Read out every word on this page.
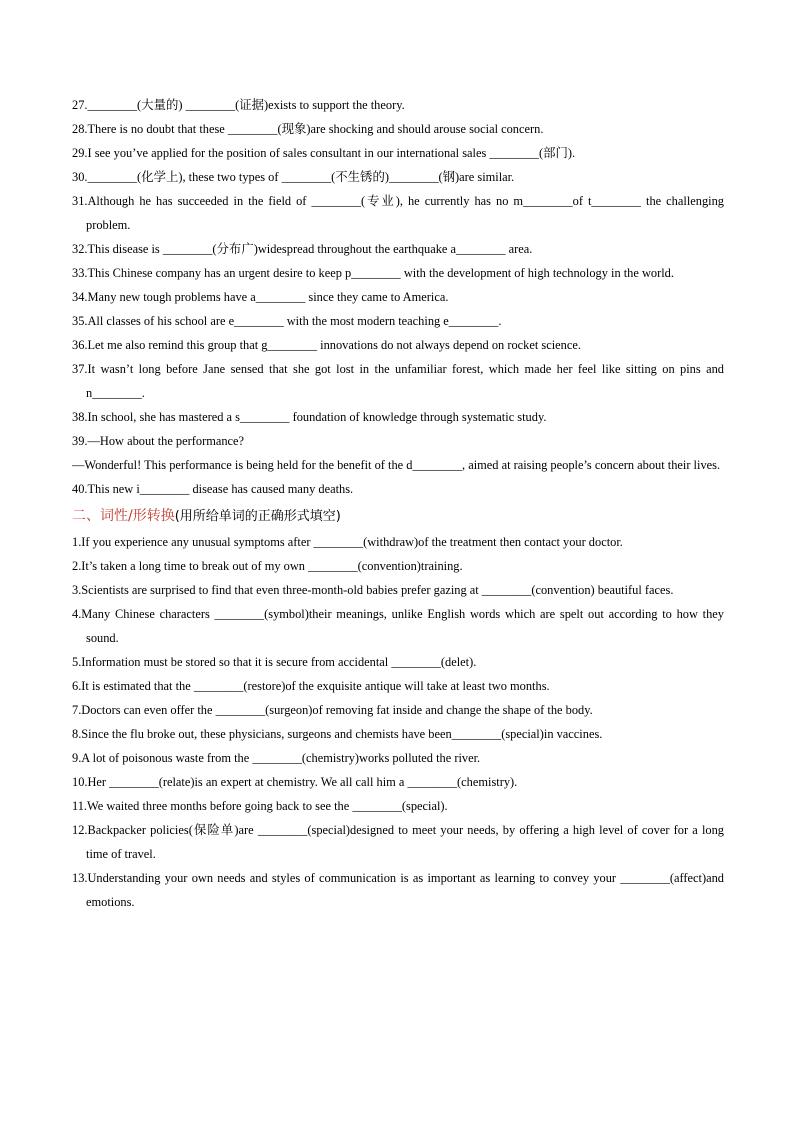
27.________(大量的) ________(证据)exists to support the theory.
28.There is no doubt that these ________(现象)are shocking and should arouse social concern.
29.I see you’ve applied for the position of sales consultant in our international sales ________(部门).
30.________(化学上), these two types of ________(不生锈的)________(钢)are similar.
31.Although he has succeeded in the field of ________(专业), he currently has no m________of t________ the challenging problem.
32.This disease is ________(分布广)widespread throughout the earthquake a________ area.
33.This Chinese company has an urgent desire to keep p________ with the development of high technology in the world.
34.Many new tough problems have a________ since they came to America.
35.All classes of his school are e________ with the most modern teaching e________.
36.Let me also remind this group that g________ innovations do not always depend on rocket science.
37.It wasn’t long before Jane sensed that she got lost in the unfamiliar forest, which made her feel like sitting on pins and n________.
38.In school, she has mastered a s________ foundation of knowledge through systematic study.
39.—How about the performance?
—Wonderful! This performance is being held for the benefit of the d________, aimed at raising people’s concern about their lives.
40.This new i________ disease has caused many deaths.
二、词性/形转换(用所给单词的正确形式填空)
1.If you experience any unusual symptoms after ________(withdraw)of the treatment then contact your doctor.
2.It’s taken a long time to break out of my own ________(convention)training.
3.Scientists are surprised to find that even three-month-old babies prefer gazing at ________(convention) beautiful faces.
4.Many Chinese characters ________(symbol)their meanings, unlike English words which are spelt out according to how they sound.
5.Information must be stored so that it is secure from accidental ________(delet).
6.It is estimated that the ________(restore)of the exquisite antique will take at least two months.
7.Doctors can even offer the ________(surgeon)of removing fat inside and change the shape of the body.
8.Since the flu broke out, these physicians, surgeons and chemists have been________(special)in vaccines.
9.A lot of poisonous waste from the ________(chemistry)works polluted the river.
10.Her ________(relate)is an expert at chemistry. We all call him a ________(chemistry).
11.We waited three months before going back to see the ________(special).
12.Backpacker policies(保险单)are ________(special)designed to meet your needs, by offering a high level of cover for a long time of travel.
13.Understanding your own needs and styles of communication is as important as learning to convey your ________(affect)and emotions.
